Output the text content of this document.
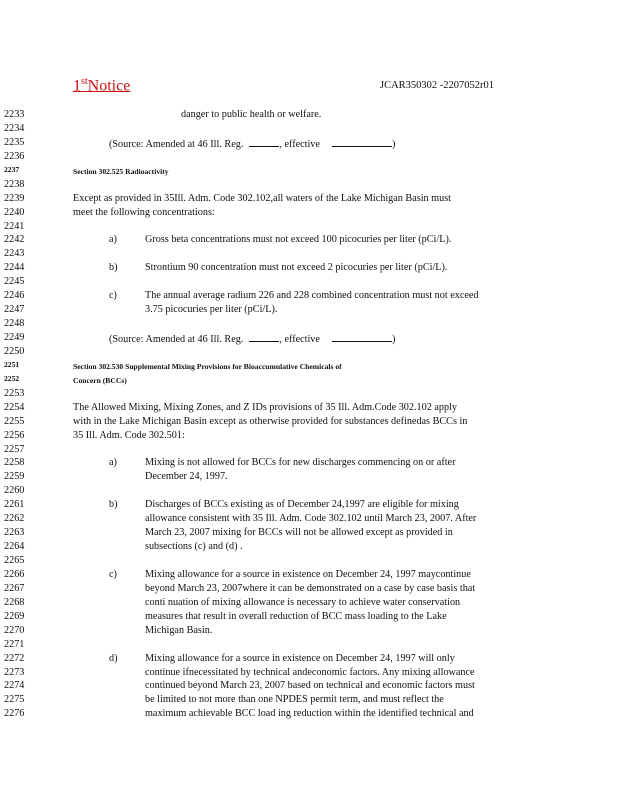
1stNotice	JCAR350302 -2207052r01
2233	danger to public health or welfare.
2234
2235	(Source: Amended at 46 Ill. Reg.	, effective	)
2236
2237	Section 302.525 Radioactivity
2238
2239	Except as provided in 35Ill. Adm. Code 302.102,all waters of the Lake Michigan Basin must
2240	meet the following concentrations:
2241
2242	a)	Gross beta concentrations must not exceed 100 picocuries per liter (pCi/L).
2243
2244	b)	Strontium 90 concentration must not exceed 2 picocuries per liter (pCi/L).
2245
2246	c)	The annual average radium 226 and 228 combined concentration must not exceed
2247	3.75 picocuries per liter (pCi/L).
2248
2249	(Source: Amended at 46 Ill. Reg.	, effective	)
2250
2251	Section 302.530 Supplemental Mixing Provisions for Bioaccumulative Chemicals of
2252	Concern (BCCs)
2253
2254	The Allowed Mixing, Mixing Zones, and Z IDs provisions of 35 Ill. Adm.Code 302.102 apply
2255	with in the Lake Michigan Basin except as otherwise provided for substances definedas BCCs in
2256	35 Ill. Adm. Code 302.501:
2257
2258	a)	Mixing is not allowed for BCCs for new discharges commencing on or after
2259	December 24, 1997.
2260
2261	b)	Discharges of BCCs existing as of December 24,1997 are eligible for mixing
2262	allowance consistent with 35 Ill. Adm. Code 302.102 until March 23, 2007. After
2263	March 23, 2007 mixing for BCCs will not be allowed except as provided in
2264	subsections (c) and (d) .
2265
2266	c)	Mixing allowance for a source in existence on December 24, 1997 maycontinue
2267	beyond March 23, 2007where it can be demonstrated on a case by case basis that
2268	conti nuation of mixing allowance is necessary to achieve water conservation
2269	measures that result in overall reduction of BCC mass loading to the Lake
2270	Michigan Basin.
2271
2272	d)	Mixing allowance for a source in existence on December 24, 1997 will only
2273	continue ifnecessitated by technical andeconomic factors. Any mixing allowance
2274	continued beyond March 23, 2007 based on technical and economic factors must
2275	be limited to not more than one NPDES permit term, and must reflect the
2276	maximum achievable BCC load ing reduction within the identified technical and
